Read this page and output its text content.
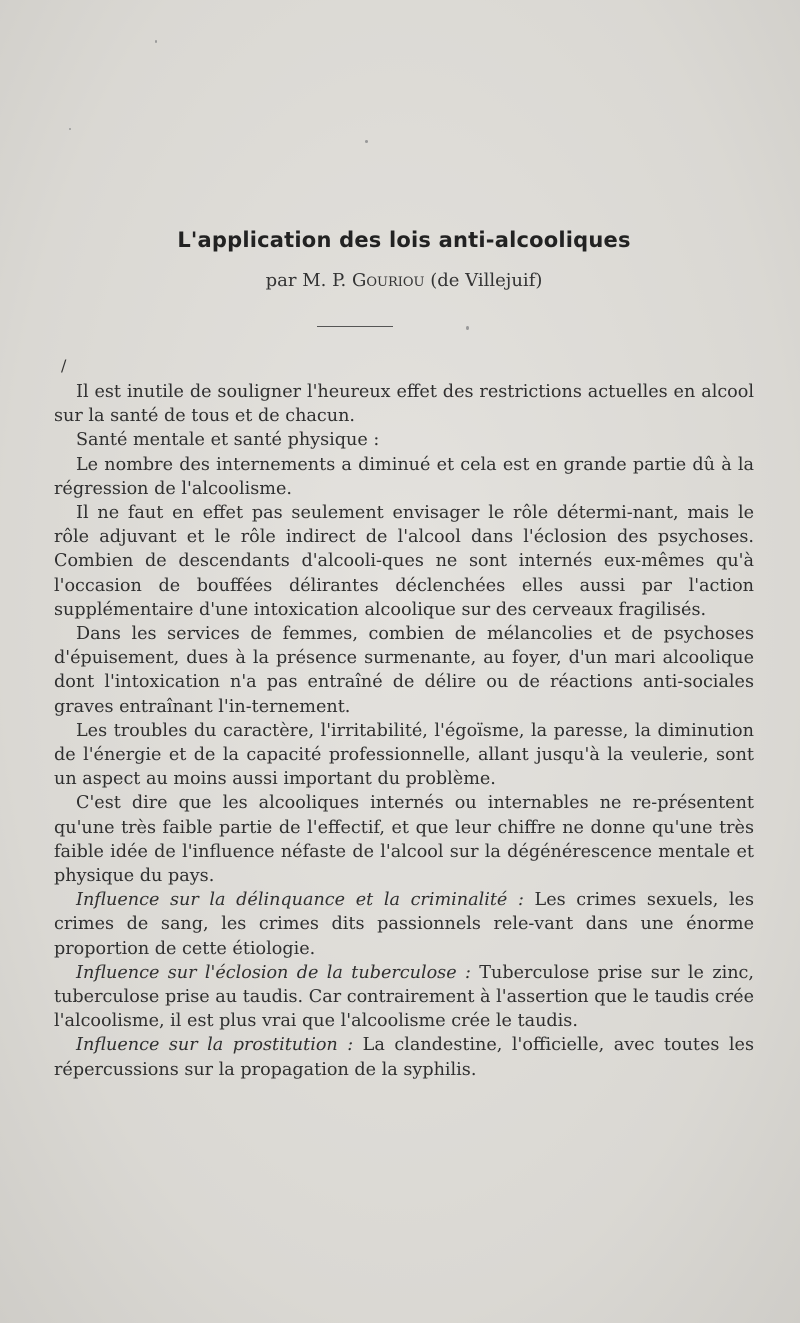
L'application des lois anti-alcooliques
par M. P. Gouriou (de Villejuif)
/

Il est inutile de souligner l'heureux effet des restrictions actuelles en alcool sur la santé de tous et de chacun.

Santé mentale et santé physique :

Le nombre des internements a diminué et cela est en grande partie dû à la régression de l'alcoolisme.

Il ne faut en effet pas seulement envisager le rôle détermi-nant, mais le rôle adjuvant et le rôle indirect de l'alcool dans l'éclosion des psychoses. Combien de descendants d'alcooli-ques ne sont internés eux-mêmes qu'à l'occasion de bouffées délirantes déclenchées elles aussi par l'action supplémentaire d'une intoxication alcoolique sur des cerveaux fragilisés.

Dans les services de femmes, combien de mélancolies et de psychoses d'épuisement, dues à la présence surmenante, au foyer, d'un mari alcoolique dont l'intoxication n'a pas entraîné de délire ou de réactions anti-sociales graves entraînant l'in-ternement.

Les troubles du caractère, l'irritabilité, l'égoïsme, la paresse, la diminution de l'énergie et de la capacité professionnelle, allant jusqu'à la veulerie, sont un aspect au moins aussi important du problème.

C'est dire que les alcooliques internés ou internables ne re-présentent qu'une très faible partie de l'effectif, et que leur chiffre ne donne qu'une très faible idée de l'influence néfaste de l'alcool sur la dégénérescence mentale et physique du pays.

Influence sur la délinquance et la criminalité : Les crimes sexuels, les crimes de sang, les crimes dits passionnels rele-vant dans une énorme proportion de cette étiologie.

Influence sur l'éclosion de la tuberculose : Tuberculose prise sur le zinc, tuberculose prise au taudis. Car contrairement à l'assertion que le taudis crée l'alcoolisme, il est plus vrai que l'alcoolisme crée le taudis.

Influence sur la prostitution : La clandestine, l'officielle, avec toutes les répercussions sur la propagation de la syphilis.
